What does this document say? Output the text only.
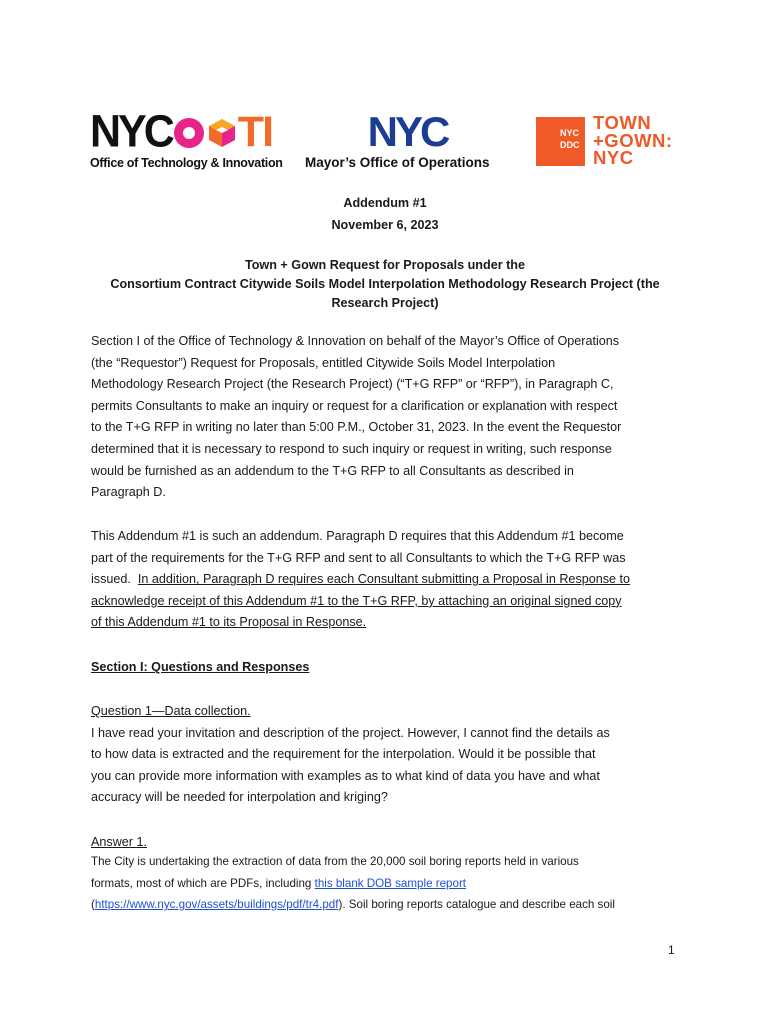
NYC TI
Office of Technology & Innovation
NYC
Mayor’s Office of Operations
NYC
DDC
TOWN
+GOWN:
NYC
Addendum #1
November 6, 2023
Town + Gown Request for Proposals under the
Consortium Contract Citywide Soils Model Interpolation Methodology Research Project (the
Research Project)
Section I of the Office of Technology & Innovation on behalf of the Mayor’s Office of Operations
(the “Requestor”) Request for Proposals, entitled Citywide Soils Model Interpolation
Methodology Research Project (the Research Project) (“T+G RFP” or “RFP”), in Paragraph C,
permits Consultants to make an inquiry or request for a clarification or explanation with respect
to the T+G RFP in writing no later than 5:00 P.M., October 31, 2023. In the event the Requestor
determined that it is necessary to respond to such inquiry or request in writing, such response
would be furnished as an addendum to the T+G RFP to all Consultants as described in
Paragraph D.
This Addendum #1 is such an addendum. Paragraph D requires that this Addendum #1 become
part of the requirements for the T+G RFP and sent to all Consultants to which the T+G RFP was
issued.  In addition, Paragraph D requires each Consultant submitting a Proposal in Response to
acknowledge receipt of this Addendum #1 to the T+G RFP, by attaching an original signed copy
of this Addendum #1 to its Proposal in Response.
Section I: Questions and Responses
Question 1—Data collection.
I have read your invitation and description of the project. However, I cannot find the details as
to how data is extracted and the requirement for the interpolation. Would it be possible that
you can provide more information with examples as to what kind of data you have and what
accuracy will be needed for interpolation and kriging?
Answer 1.
The City is undertaking the extraction of data from the 20,000 soil boring reports held in various
formats, most of which are PDFs, including this blank DOB sample report
(https://www.nyc.gov/assets/buildings/pdf/tr4.pdf). Soil boring reports catalogue and describe each soil
1
